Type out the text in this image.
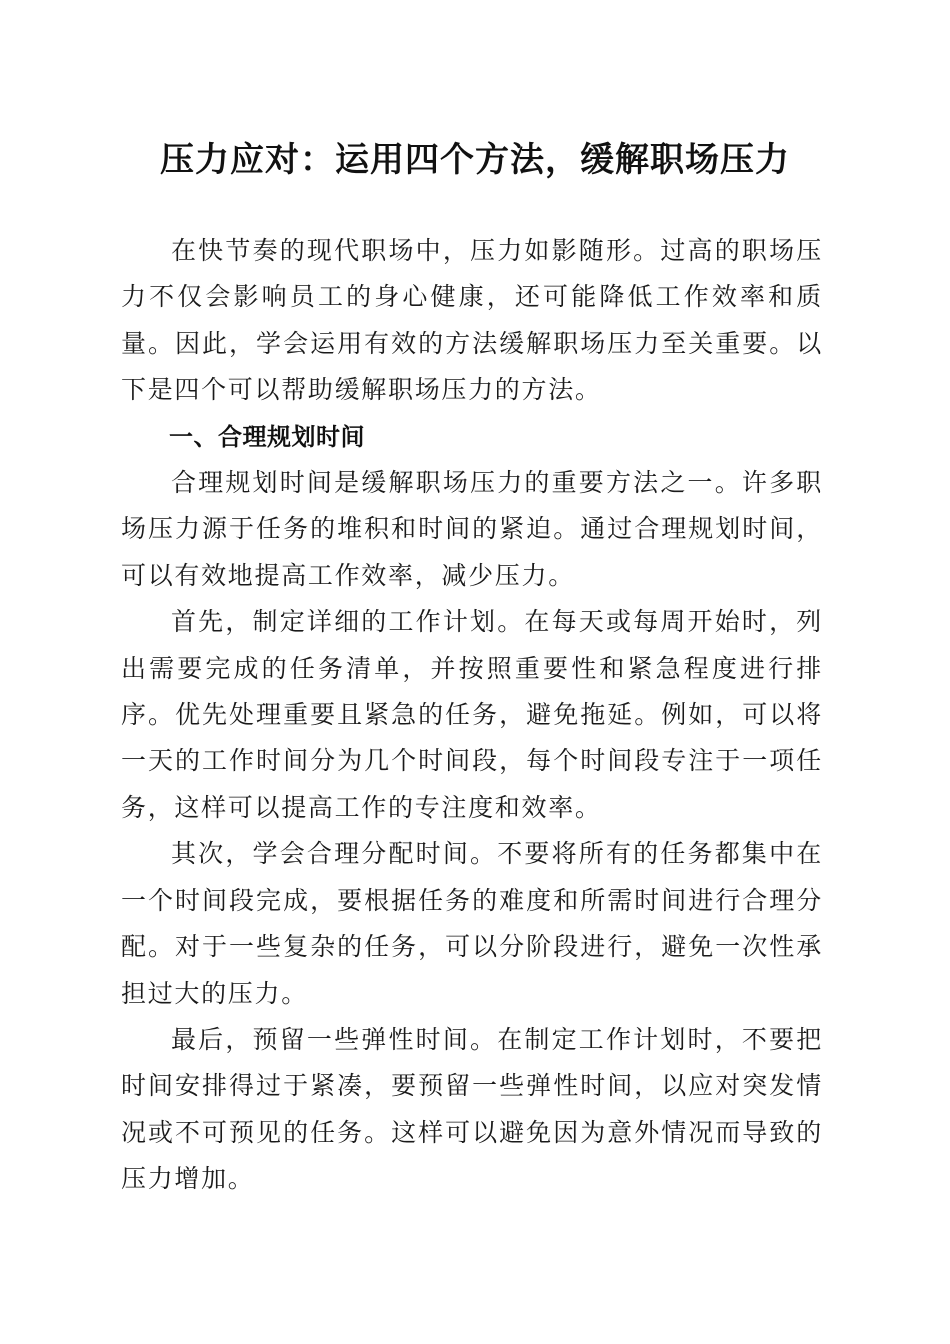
压力应对：运用四个方法，缓解职场压力

在快节奏的现代职场中，压力如影随形。过高的职场压力不仅会影响员工的身心健康，还可能降低工作效率和质量。因此，学会运用有效的方法缓解职场压力至关重要。以下是四个可以帮助缓解职场压力的方法。

一、合理规划时间

合理规划时间是缓解职场压力的重要方法之一。许多职场压力源于任务的堆积和时间的紧迫。通过合理规划时间，可以有效地提高工作效率，减少压力。

首先，制定详细的工作计划。在每天或每周开始时，列出需要完成的任务清单，并按照重要性和紧急程度进行排序。优先处理重要且紧急的任务，避免拖延。例如，可以将一天的工作时间分为几个时间段，每个时间段专注于一项任务，这样可以提高工作的专注度和效率。

其次，学会合理分配时间。不要将所有的任务都集中在一个时间段完成，要根据任务的难度和所需时间进行合理分配。对于一些复杂的任务，可以分阶段进行，避免一次性承担过大的压力。

最后，预留一些弹性时间。在制定工作计划时，不要把时间安排得过于紧凑，要预留一些弹性时间，以应对突发情况或不可预见的任务。这样可以避免因为意外情况而导致的压力增加。
